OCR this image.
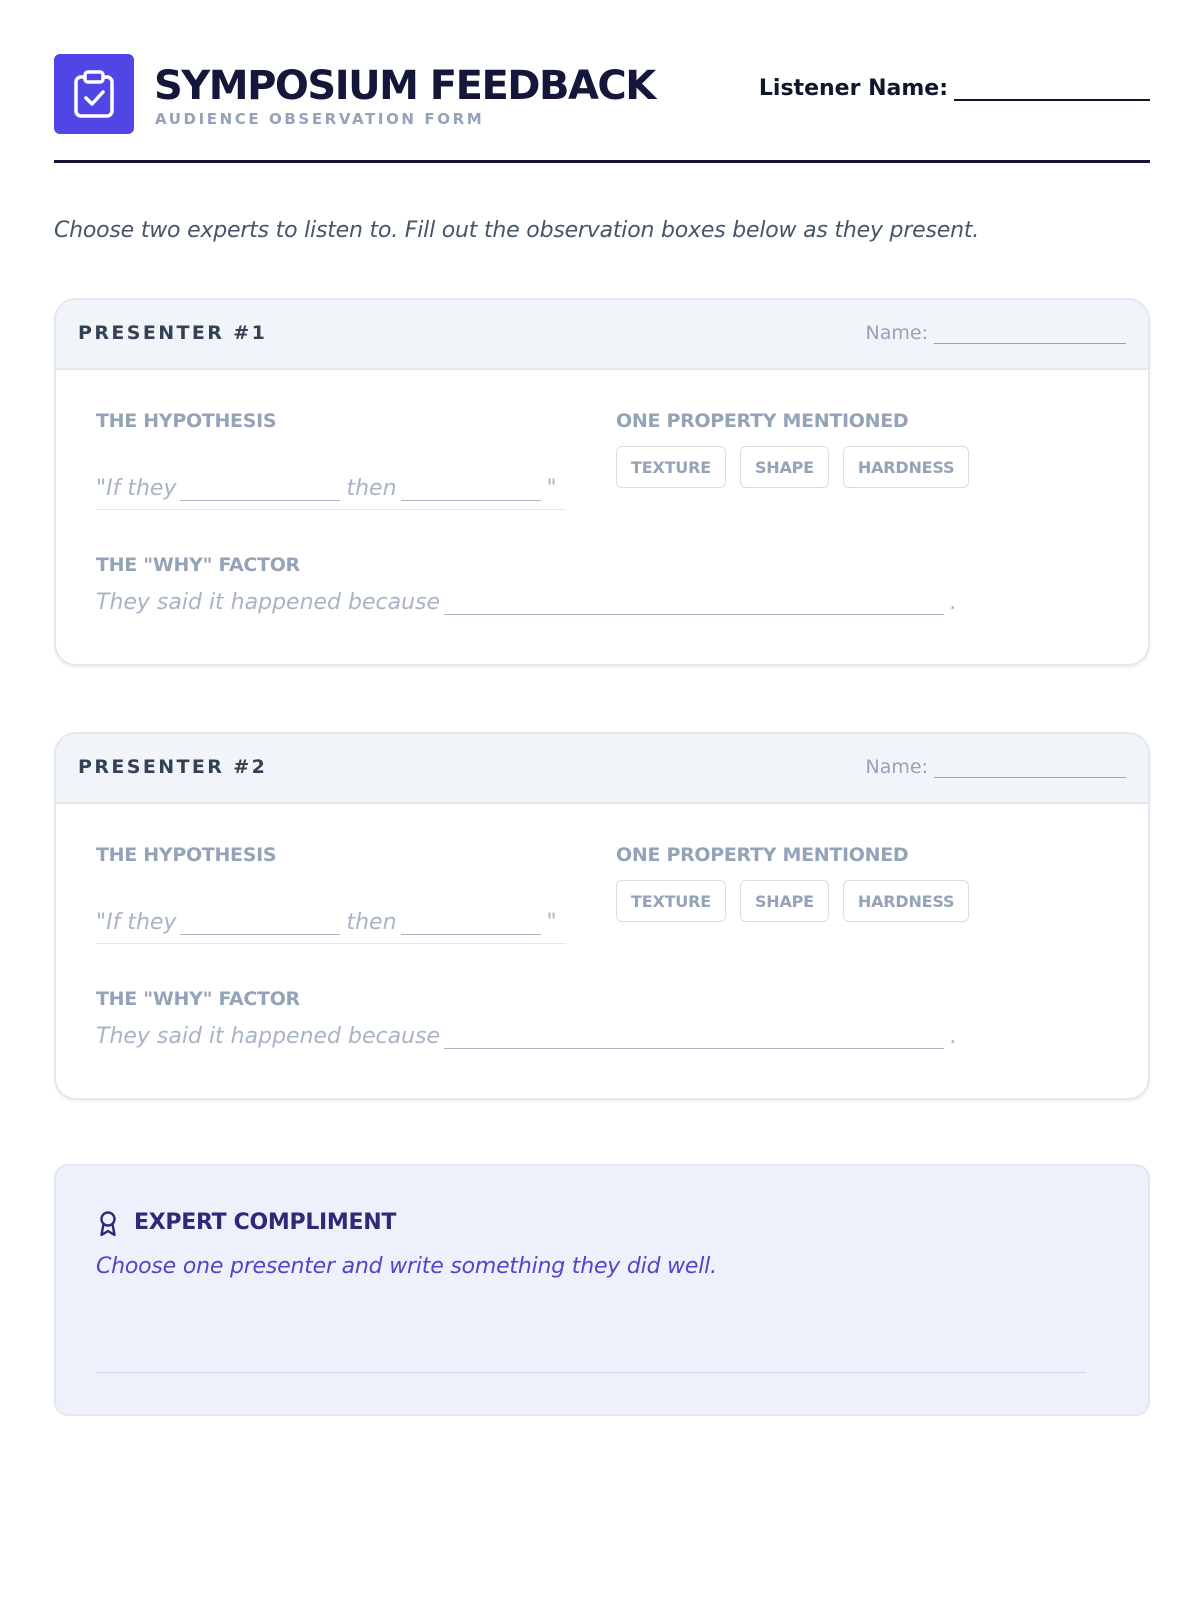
SYMPOSIUM FEEDBACK
AUDIENCE OBSERVATION FORM
Listener Name:
Choose two experts to listen to. Fill out the observation boxes below as they present.
PRESENTER #1	Name:
THE HYPOTHESIS
"If they	then	"
ONE PROPERTY MENTIONED
TEXTURE	SHAPE	HARDNESS
THE "WHY" FACTOR
They said it happened because	.
PRESENTER #2	Name:
THE HYPOTHESIS
"If they	then	"
ONE PROPERTY MENTIONED
TEXTURE	SHAPE	HARDNESS
THE "WHY" FACTOR
They said it happened because	.
EXPERT COMPLIMENT
Choose one presenter and write something they did well.
